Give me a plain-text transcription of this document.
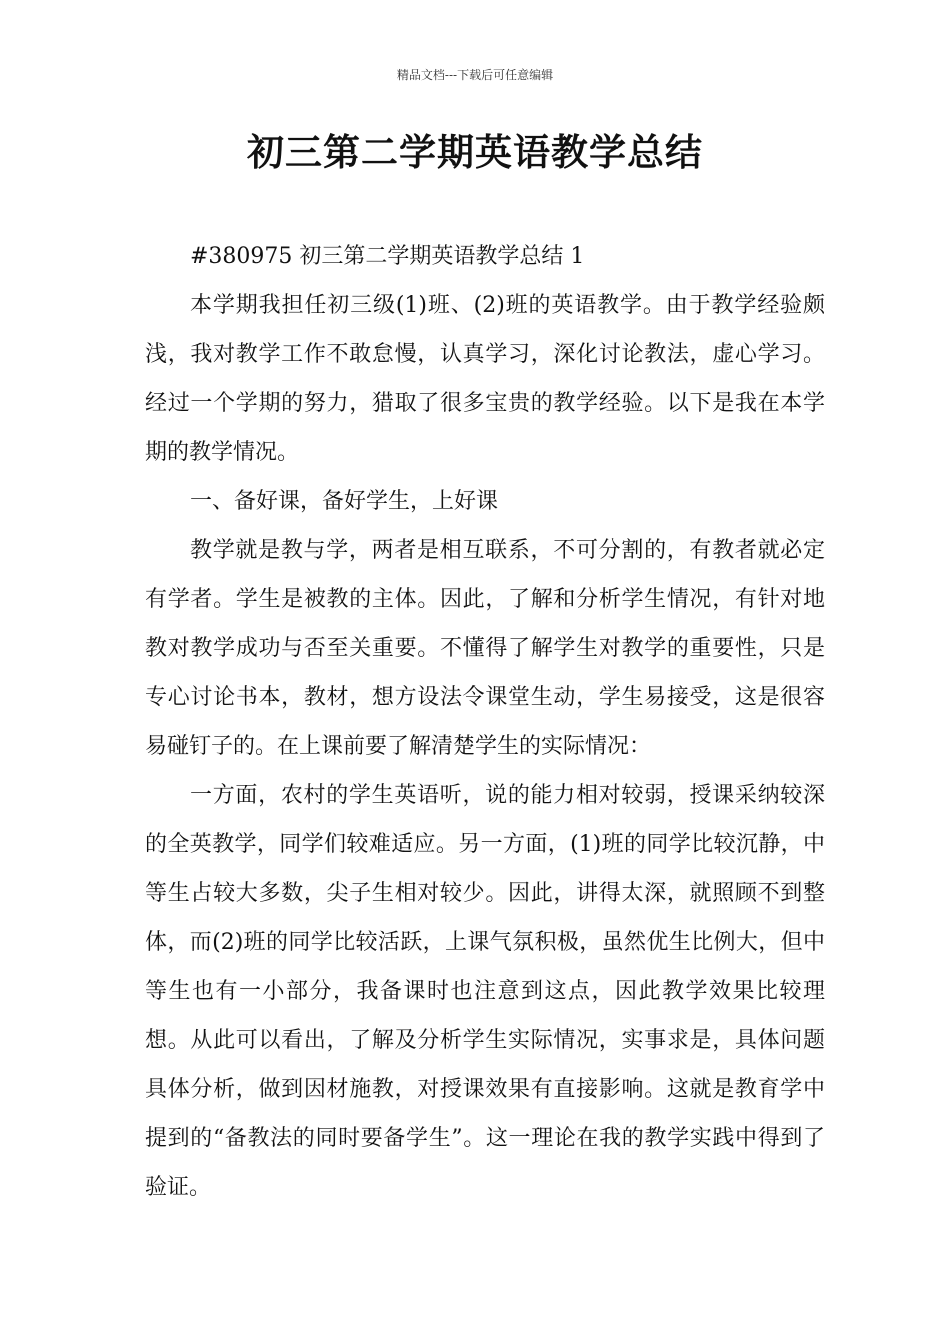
精品文档---下载后可任意编辑
初三第二学期英语教学总结

#380975 初三第二学期英语教学总结 1

本学期我担任初三级(1)班、(2)班的英语教学。由于教学经验颇浅，我对教学工作不敢怠慢，认真学习，深化讨论教法，虚心学习。经过一个学期的努力，猎取了很多宝贵的教学经验。以下是我在本学期的教学情况。

一、备好课，备好学生，上好课

教学就是教与学，两者是相互联系，不可分割的，有教者就必定有学者。学生是被教的主体。因此，了解和分析学生情况，有针对地教对教学成功与否至关重要。不懂得了解学生对教学的重要性，只是专心讨论书本，教材，想方设法令课堂生动，学生易接受，这是很容易碰钉子的。在上课前要了解清楚学生的实际情况：

一方面，农村的学生英语听，说的能力相对较弱，授课采纳较深的全英教学，同学们较难适应。另一方面，(1)班的同学比较沉静，中等生占较大多数，尖子生相对较少。因此，讲得太深，就照顾不到整体，而(2)班的同学比较活跃，上课气氛积极，虽然优生比例大，但中等生也有一小部分，我备课时也注意到这点，因此教学效果比较理想。从此可以看出，了解及分析学生实际情况，实事求是，具体问题具体分析，做到因材施教，对授课效果有直接影响。这就是教育学中提到的“备教法的同时要备学生”。这一理论在我的教学实践中得到了验证。
